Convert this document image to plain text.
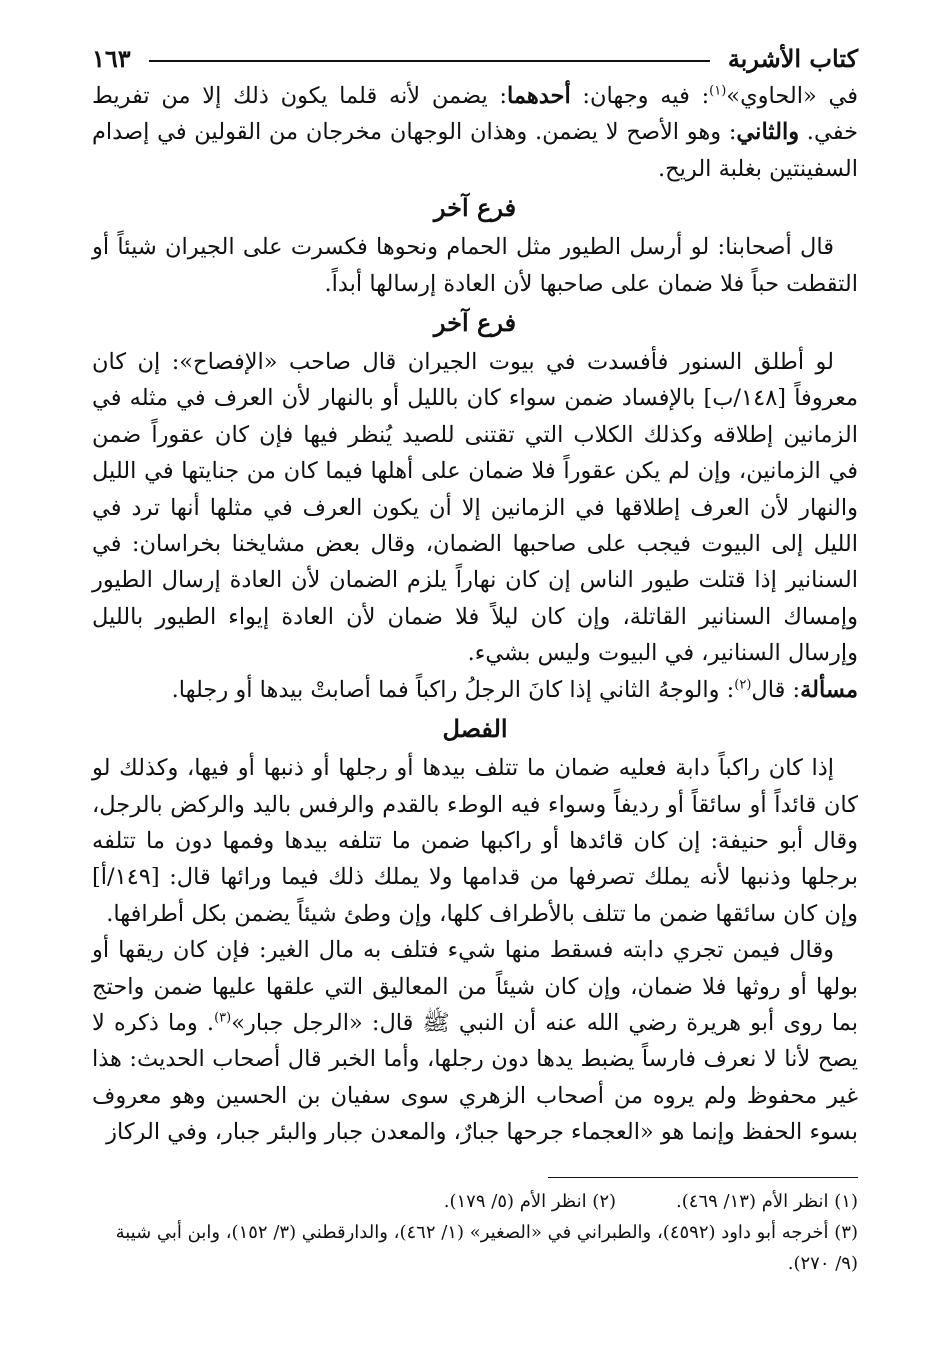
كتاب الأشربة
١٦٣

في «الحاوي»$^{(١)}$: فيه وجهان: أحدهما: يضمن لأنه قلما يكون ذلك إلا من تفريط خفي. والثاني: وهو الأصح لا يضمن. وهذان الوجهان مخرجان من القولين في إصدام السفينتين بغلبة الريح.

فرع آخر

قال أصحابنا: لو أرسل الطيور مثل الحمام ونحوها فكسرت على الجيران شيئاً أو التقطت حباً فلا ضمان على صاحبها لأن العادة إرسالها أبداً.

فرع آخر

لو أطلق السنور فأفسدت في بيوت الجيران قال صاحب «الإفصاح»: إن كان معروفاً [١٤٨/ب] بالإفساد ضمن سواء كان بالليل أو بالنهار لأن العرف في مثله في الزمانين إطلاقه وكذلك الكلاب التي تقتنى للصيد يُنظر فيها فإن كان عقوراً ضمن في الزمانين، وإن لم يكن عقوراً فلا ضمان على أهلها فيما كان من جنايتها في الليل والنهار لأن العرف إطلاقها في الزمانين إلا أن يكون العرف في مثلها أنها ترد في الليل إلى البيوت فيجب على صاحبها الضمان، وقال بعض مشايخنا بخراسان: في السنانير إذا قتلت طيور الناس إن كان نهاراً يلزم الضمان لأن العادة إرسال الطيور وإمساك السنانير القاتلة، وإن كان ليلاً فلا ضمان لأن العادة إيواء الطيور بالليل وإرسال السنانير، في البيوت وليس بشيء.

مسألة: قال$^{(٢)}$: والوجهُ الثاني إذا كانَ الرجلُ راكباً فما أصابتْ بيدها أو رجلها.

الفصل

إذا كان راكباً دابة فعليه ضمان ما تتلف بيدها أو رجلها أو ذنبها أو فيها، وكذلك لو كان قائداً أو سائقاً أو رديفاً وسواء فيه الوطء بالقدم والرفس باليد والركض بالرجل، وقال أبو حنيفة: إن كان قائدها أو راكبها ضمن ما تتلفه بيدها وفمها دون ما تتلفه برجلها وذنبها لأنه يملك تصرفها من قدامها ولا يملك ذلك فيما ورائها قال: [١٤٩/أ] وإن كان سائقها ضمن ما تتلف بالأطراف كلها، وإن وطئ شيئاً يضمن بكل أطرافها.

وقال فيمن تجري دابته فسقط منها شيء فتلف به مال الغير: فإن كان ريقها أو بولها أو روثها فلا ضمان، وإن كان شيئاً من المعاليق التي علقها عليها ضمن واحتج بما روى أبو هريرة رضي الله عنه أن النبي ﷺ قال: «الرجل جبار»$^{(٣)}$. وما ذكره لا يصح لأنا لا نعرف فارساً يضبط يدها دون رجلها، وأما الخبر قال أصحاب الحديث: هذا غير محفوظ ولم يروه من أصحاب الزهري سوى سفيان بن الحسين وهو معروف بسوء الحفظ وإنما هو «العجماء جرحها جبارٌ، والمعدن جبار والبئر جبار، وفي الركاز

(١) انظر الأم (١٣/ ٤٦٩).
(٢) انظر الأم (٥/ ١٧٩).

(٣) أخرجه أبو داود (٤٥٩٢)، والطبراني في «الصغير» (١/ ٤٦٢)، والدارقطني (٣/ ١٥٢)، وابن أبي شيبة (٩/ ٢٧٠).
